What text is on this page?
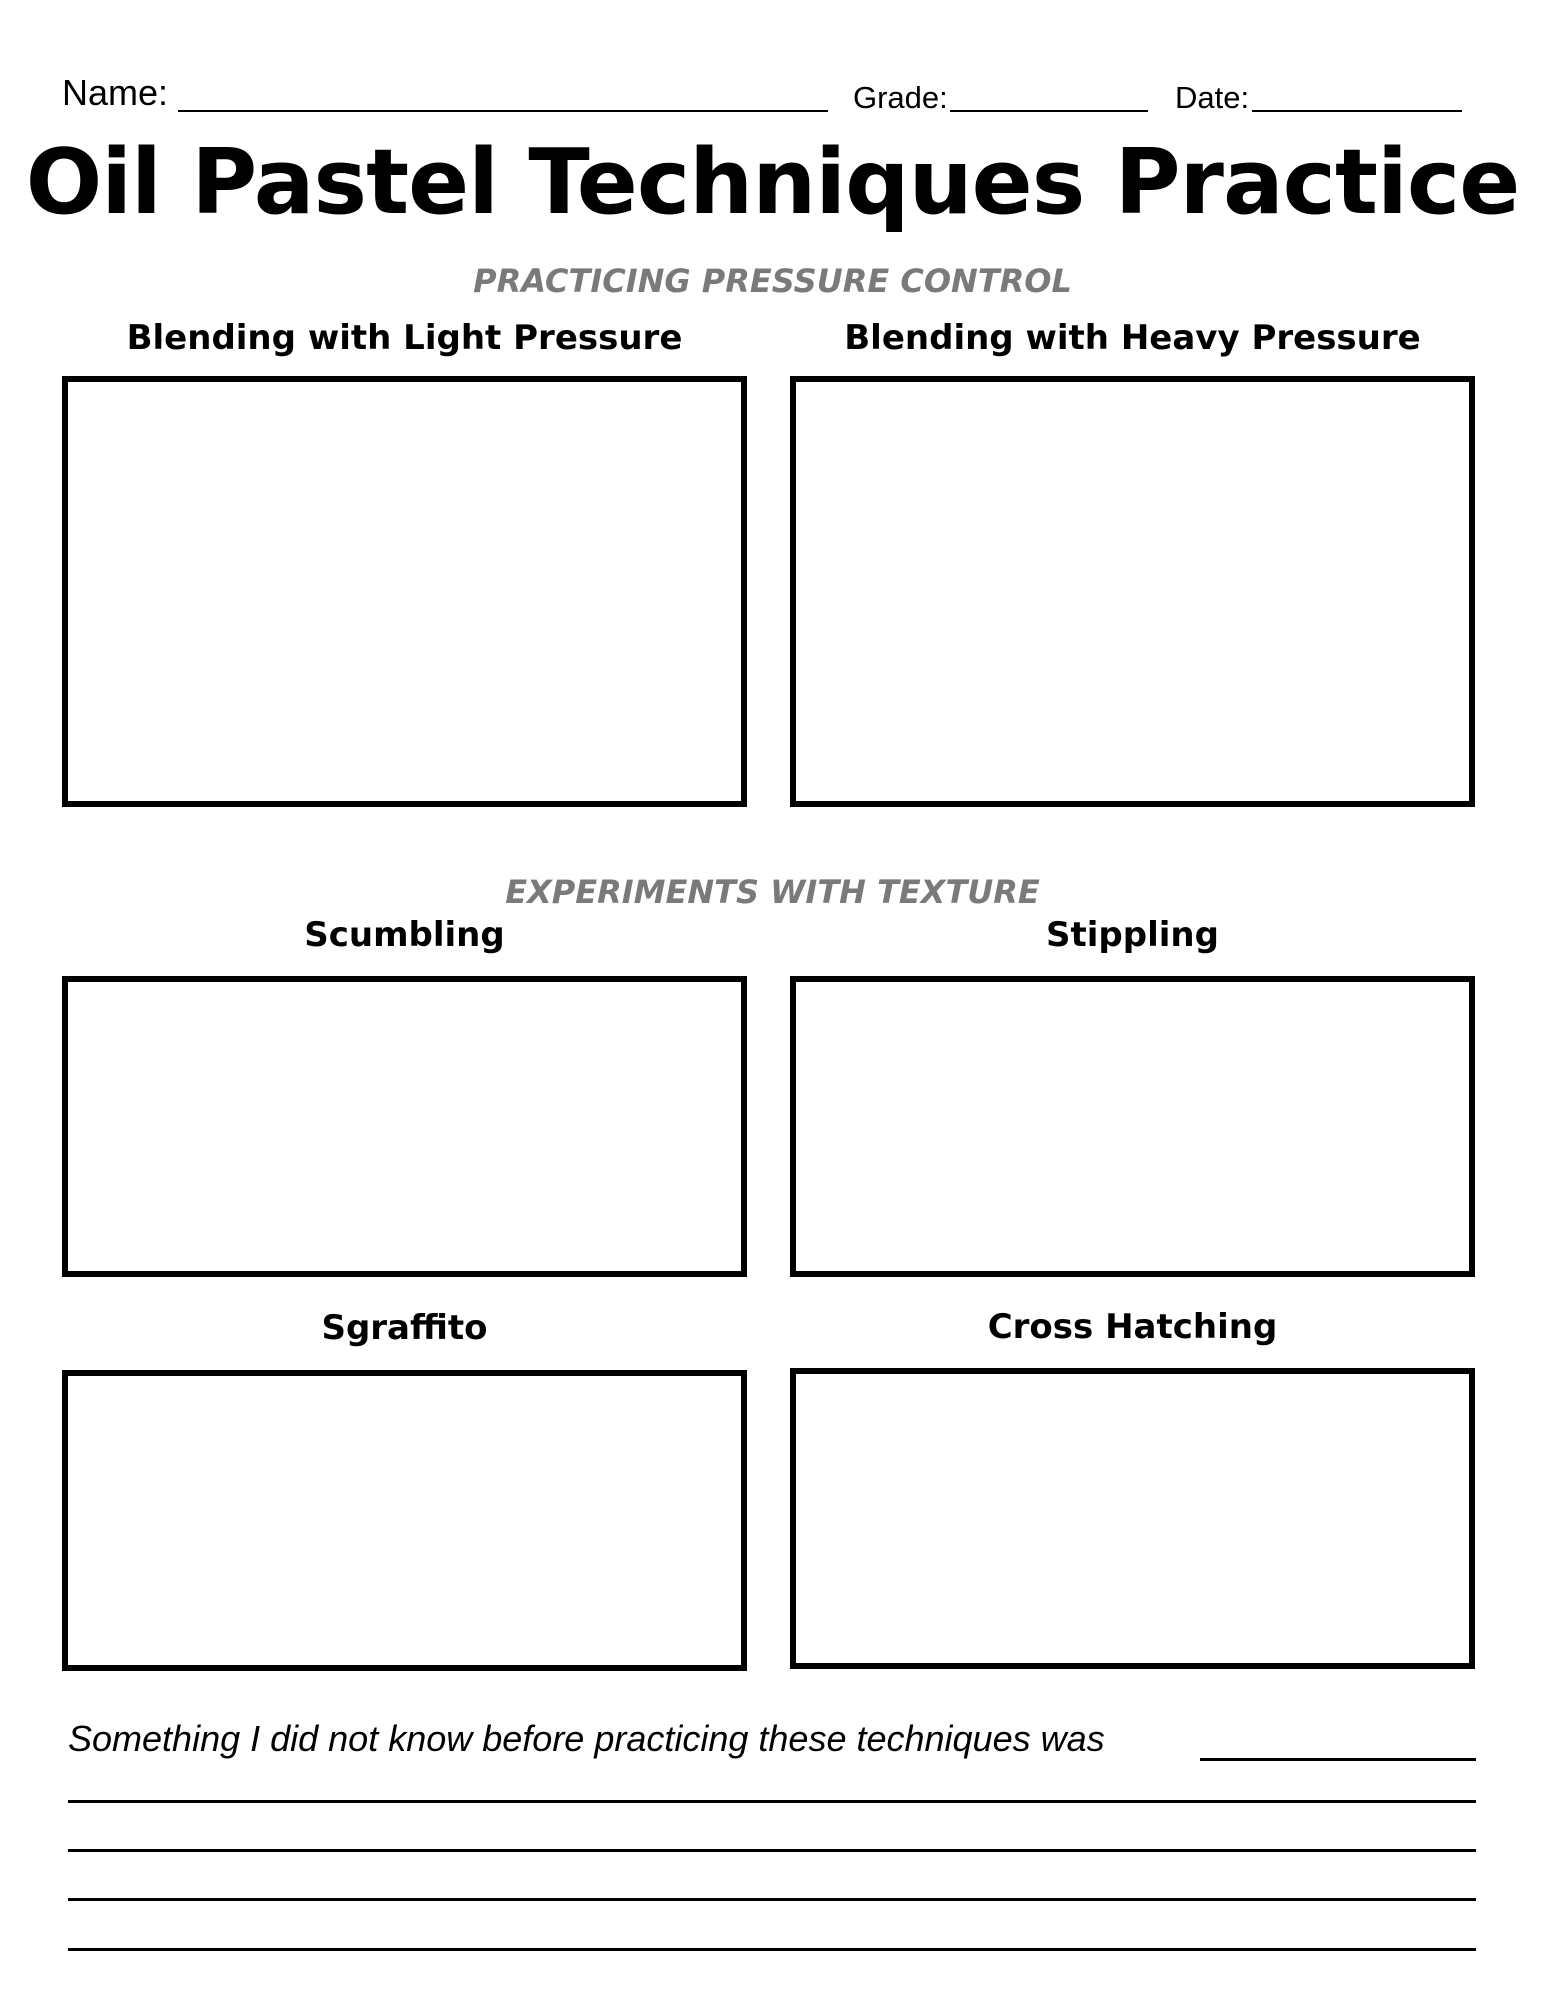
Name:	Grade:	Date:
Oil Pastel Techniques Practice
PRACTICING PRESSURE CONTROL
Blending with Light Pressure	Blending with Heavy Pressure
EXPERIMENTS WITH TEXTURE
Scumbling	Stippling
Sgraffito	Cross Hatching
Something I did not know before practicing these techniques was
